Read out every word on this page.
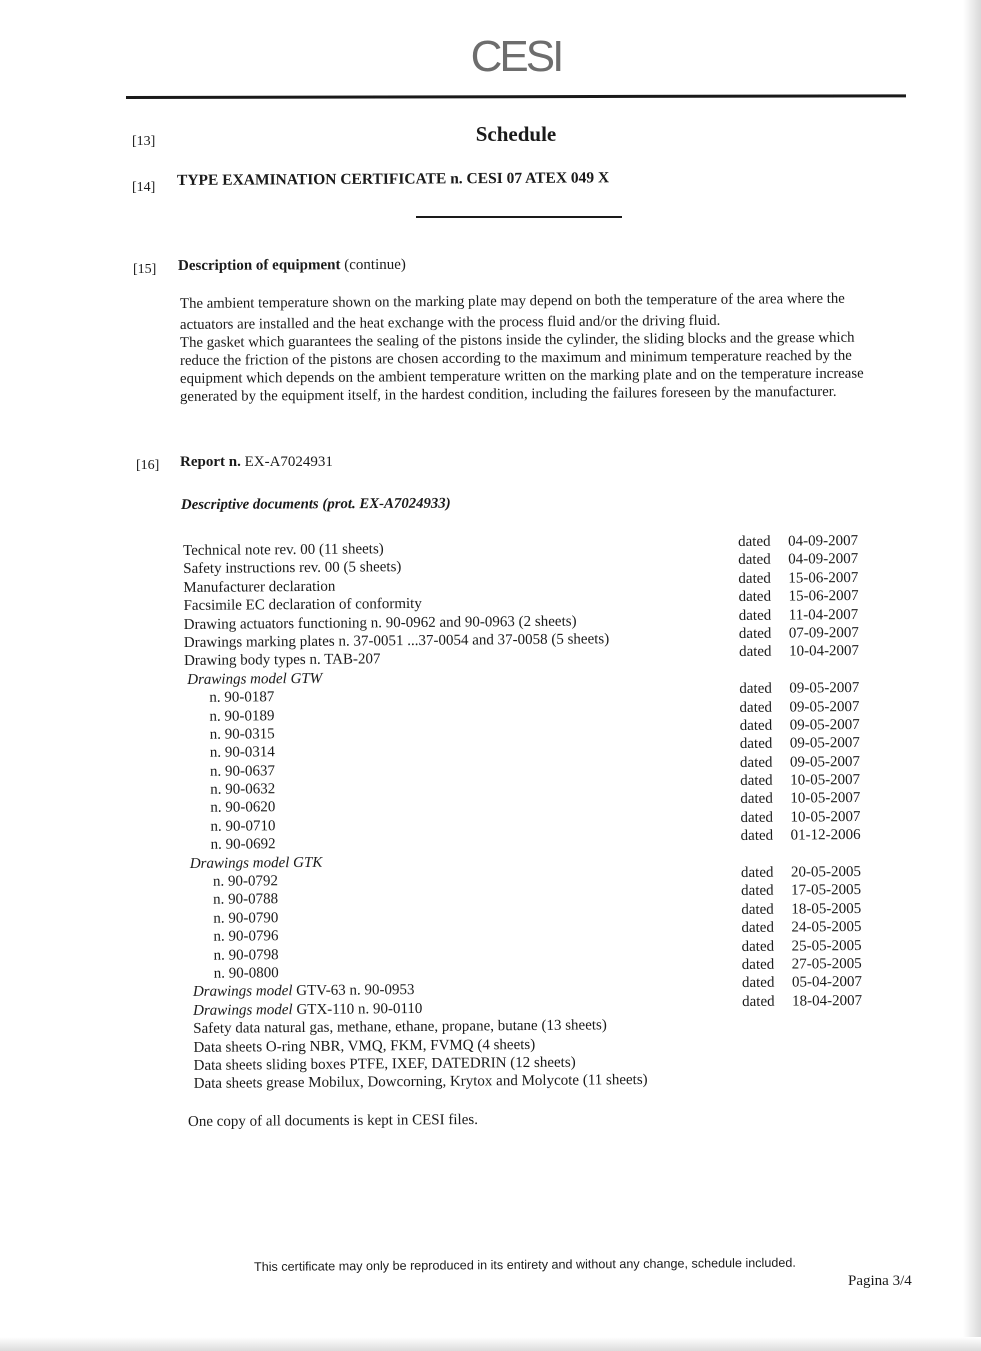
CESI
[13]	Schedule
[14] TYPE EXAMINATION CERTIFICATE n. CESI 07 ATEX 049 X
[15] Description of equipment (continue)
The ambient temperature shown on the marking plate may depend on both the temperature of the area where the
actuators are installed and the heat exchange with the process fluid and/or the driving fluid.
The gasket which guarantees the sealing of the pistons inside the cylinder, the sliding blocks and the grease which
reduce the friction of the pistons are chosen according to the maximum and minimum temperature reached by the
equipment which depends on the ambient temperature written on the marking plate and on the temperature increase
generated by the equipment itself, in the hardest condition, including the failures foreseen by the manufacturer.
[16] Report n. EX-A7024931
Descriptive documents (prot. EX-A7024933)
Technical note rev. 00 (11 sheets)
Safety instructions rev. 00 (5 sheets)
Manufacturer declaration
Facsimile EC declaration of conformity
Drawing actuators functioning n. 90-0962 and 90-0963 (2 sheets)
Drawings marking plates n. 37-0051 ...37-0054 and 37-0058 (5 sheets)
Drawing body types n. TAB-207
Drawings model GTW
n. 90-0187
n. 90-0189
n. 90-0315
n. 90-0314
n. 90-0637
n. 90-0632
n. 90-0620
n. 90-0710
n. 90-0692
Drawings model GTK
n. 90-0792
n. 90-0788
n. 90-0790
n. 90-0796
n. 90-0798
n. 90-0800
Drawings model GTV-63 n. 90-0953
Drawings model GTX-110 n. 90-0110
Safety data natural gas, methane, ethane, propane, butane (13 sheets)
Data sheets O-ring NBR, VMQ, FKM, FVMQ (4 sheets)
Data sheets sliding boxes PTFE, IXEF, DATEDRIN (12 sheets)
Data sheets grease Mobilux, Dowcorning, Krytox and Molycote (11 sheets)
dated 04-09-2007
dated 04-09-2007
dated 15-06-2007
dated 15-06-2007
dated 11-04-2007
dated 07-09-2007
dated 10-04-2007
dated 09-05-2007
dated 09-05-2007
dated 09-05-2007
dated 09-05-2007
dated 09-05-2007
dated 10-05-2007
dated 10-05-2007
dated 10-05-2007
dated 01-12-2006
dated 20-05-2005
dated 17-05-2005
dated 18-05-2005
dated 24-05-2005
dated 25-05-2005
dated 27-05-2005
dated 05-04-2007
dated 18-04-2007
One copy of all documents is kept in CESI files.
This certificate may only be reproduced in its entirety and without any change, schedule included.
Pagina 3/4
